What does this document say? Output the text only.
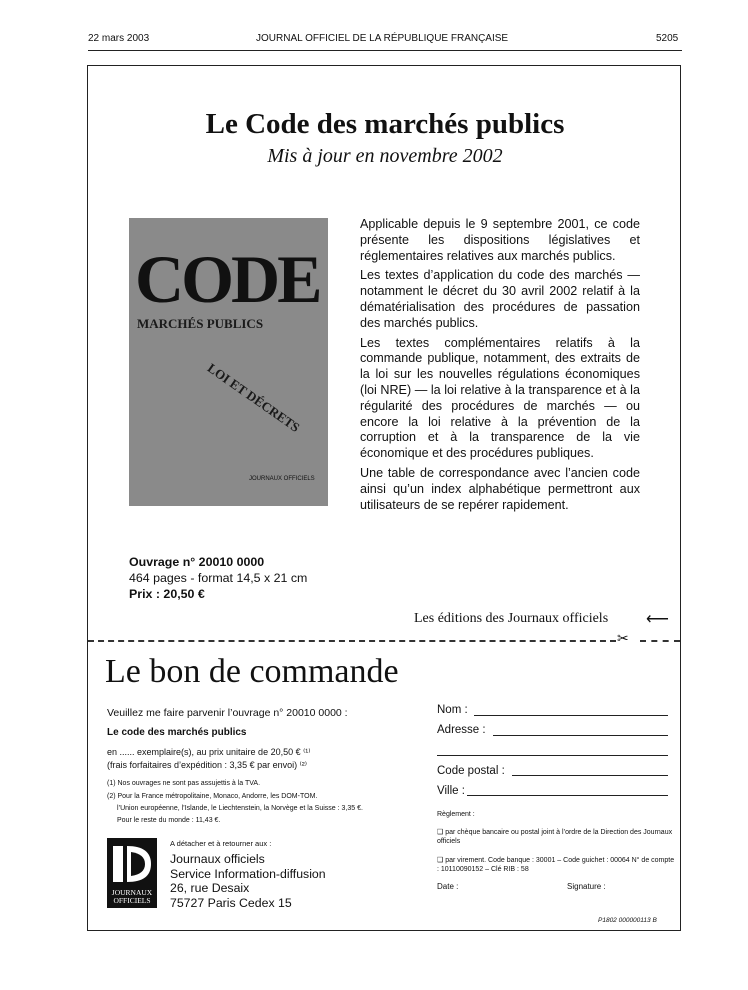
22 mars 2003	JOURNAL OFFICIEL DE LA RÉPUBLIQUE FRANÇAISE	5205
Le Code des marchés publics
Mis à jour en novembre 2002
CODE
MARCHÉS PUBLICS
LOI ET DÉCRETS
JOURNAUX OFFICIELS

Applicable depuis le 9 septembre 2001, ce code présente les dispositions législatives et réglementaires relatives aux marchés publics.

Les textes d’application du code des marchés — notamment le décret du 30 avril 2002 relatif à la dématérialisation des procédures de passation des marchés publics.

Les textes complémentaires relatifs à la commande publique, notamment, des extraits de la loi sur les nouvelles régulations économiques (loi NRE) — la loi relative à la transparence et à la régularité des procédures de marchés — ou encore la loi relative à la prévention de la corruption et à la transparence de la vie économique et des procédures publiques.

Une table de correspondance avec l’ancien code ainsi qu’un index alphabétique permettront aux utilisateurs de se repérer rapidement.

Ouvrage n° 20010 0000
464 pages - format 14,5 x 21 cm
Prix : 20,50 €
Les éditions des Journaux officiels ⟵
✂
Le bon de commande
Veuillez me faire parvenir l’ouvrage n° 20010 0000 :
Le code des marchés publics
en ...... exemplaire(s), au prix unitaire de 20,50 € ⁽¹⁾
(frais forfaitaires d’expédition : 3,35 € par envoi) ⁽²⁾
(1) Nos ouvrages ne sont pas assujettis à la TVA.
(2) Pour la France métropolitaine, Monaco, Andorre, les DOM-TOM.
l’Union européenne, l’Islande, le Liechtenstein, la Norvège et la Suisse : 3,35 €.
Pour le reste du monde : 11,43 €.
A détacher et à retourner aux :
JOURNAUX
OFFICIELS
Journaux officiels
Service Information-diffusion
26, rue Desaix
75727 Paris Cedex 15
Nom :
Adresse :
Code postal :
Ville :
Règlement :
❑ par chèque bancaire ou postal joint à l’ordre de la Direction des Journaux officiels
❑ par virement. Code banque : 30001 – Code guichet : 00064 N° de compte : 10110090152 – Clé RIB : 58
Date :	Signature :
P1802 000000113 B
